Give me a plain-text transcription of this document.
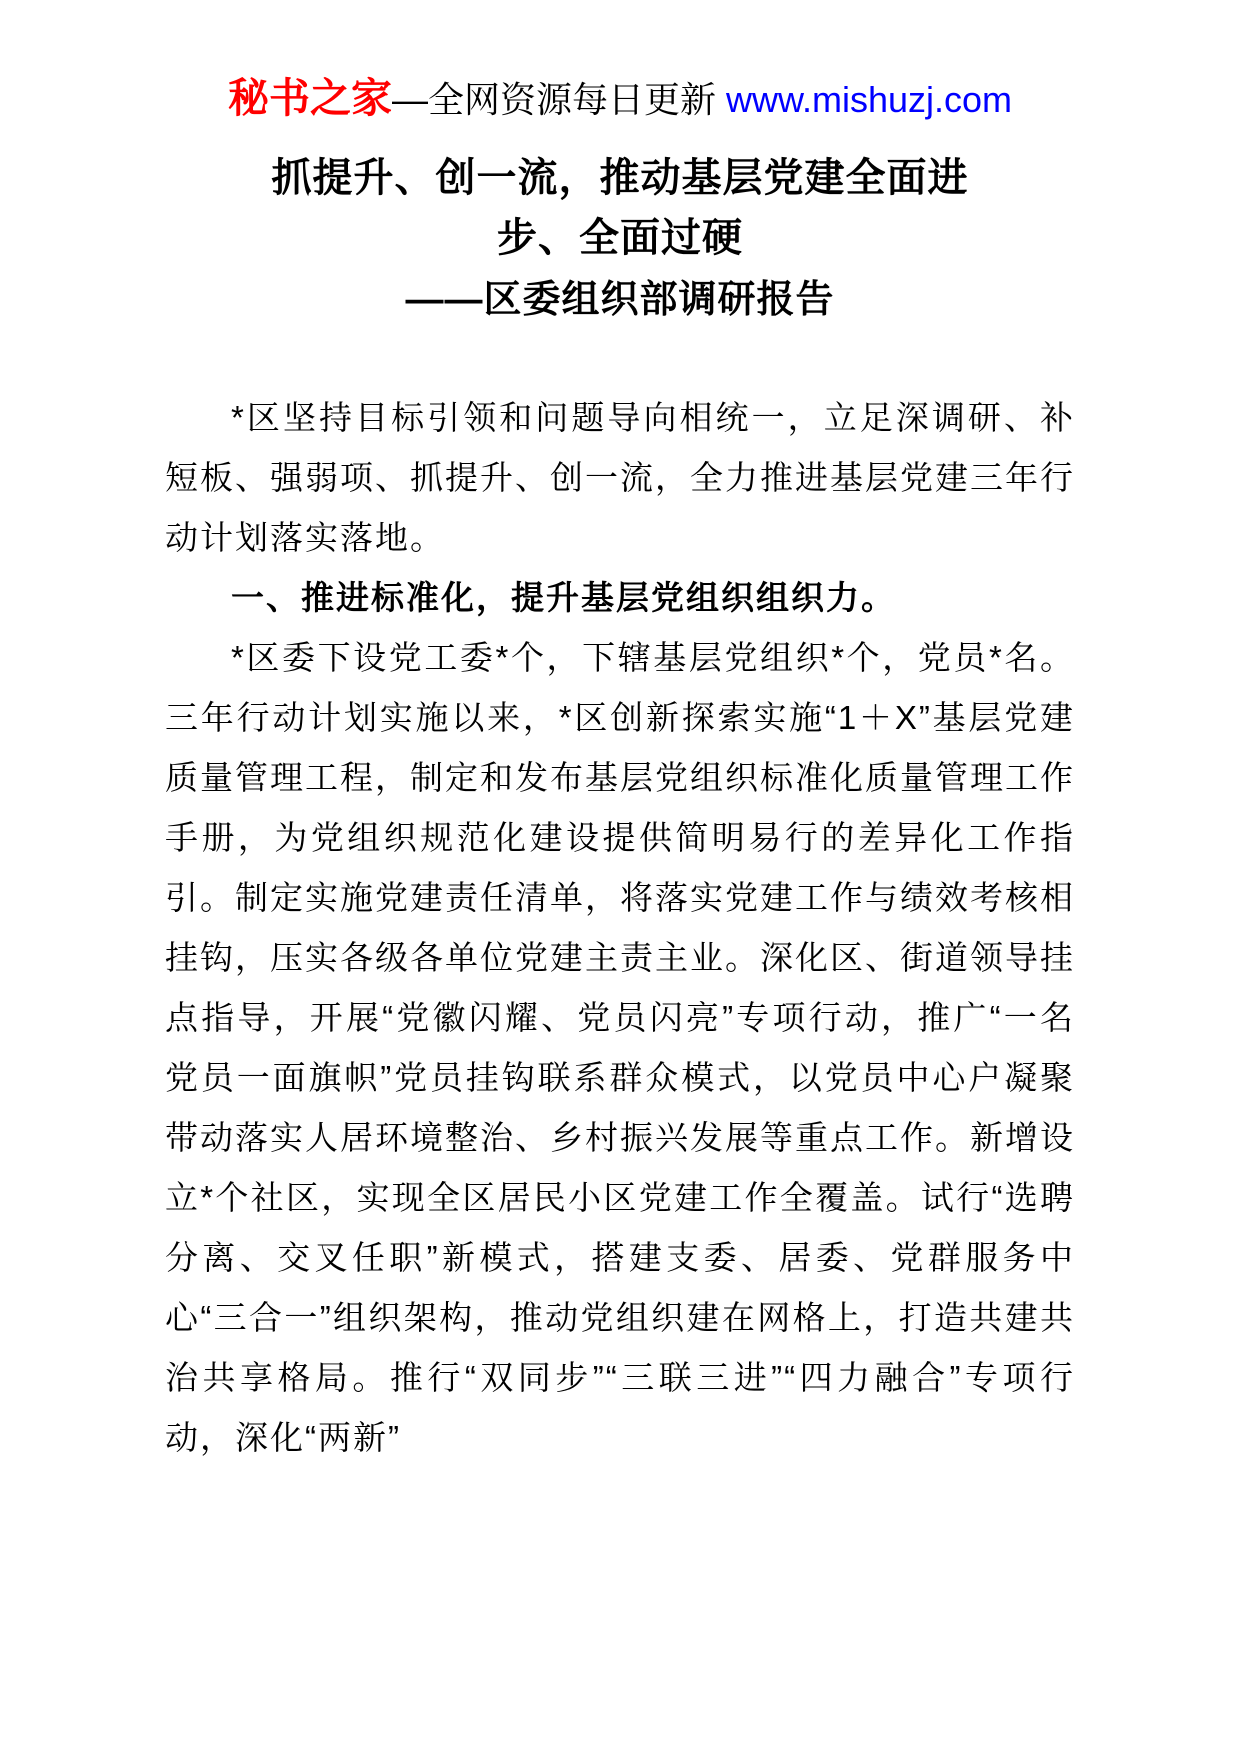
秘书之家—全网资源每日更新 www.mishuzj.com
抓提升、创一流，推动基层党建全面进步、全面过硬
——区委组织部调研报告

*区坚持目标引领和问题导向相统一，立足深调研、补短板、强弱项、抓提升、创一流，全力推进基层党建三年行动计划落实落地。

一、推进标准化，提升基层党组织组织力。

*区委下设党工委*个，下辖基层党组织*个，党员*名。三年行动计划实施以来，*区创新探索实施“1＋X”基层党建质量管理工程，制定和发布基层党组织标准化质量管理工作手册，为党组织规范化建设提供简明易行的差异化工作指引。制定实施党建责任清单，将落实党建工作与绩效考核相挂钩，压实各级各单位党建主责主业。深化区、街道领导挂点指导，开展“党徽闪耀、党员闪亮”专项行动，推广“一名党员一面旗帜”党员挂钩联系群众模式，以党员中心户凝聚带动落实人居环境整治、乡村振兴发展等重点工作。新增设立*个社区，实现全区居民小区党建工作全覆盖。试行“选聘分离、交叉任职”新模式，搭建支委、居委、党群服务中心“三合一”组织架构，推动党组织建在网格上，打造共建共治共享格局。推行“双同步”“三联三进”“四力融合”专项行动，深化“两新”
